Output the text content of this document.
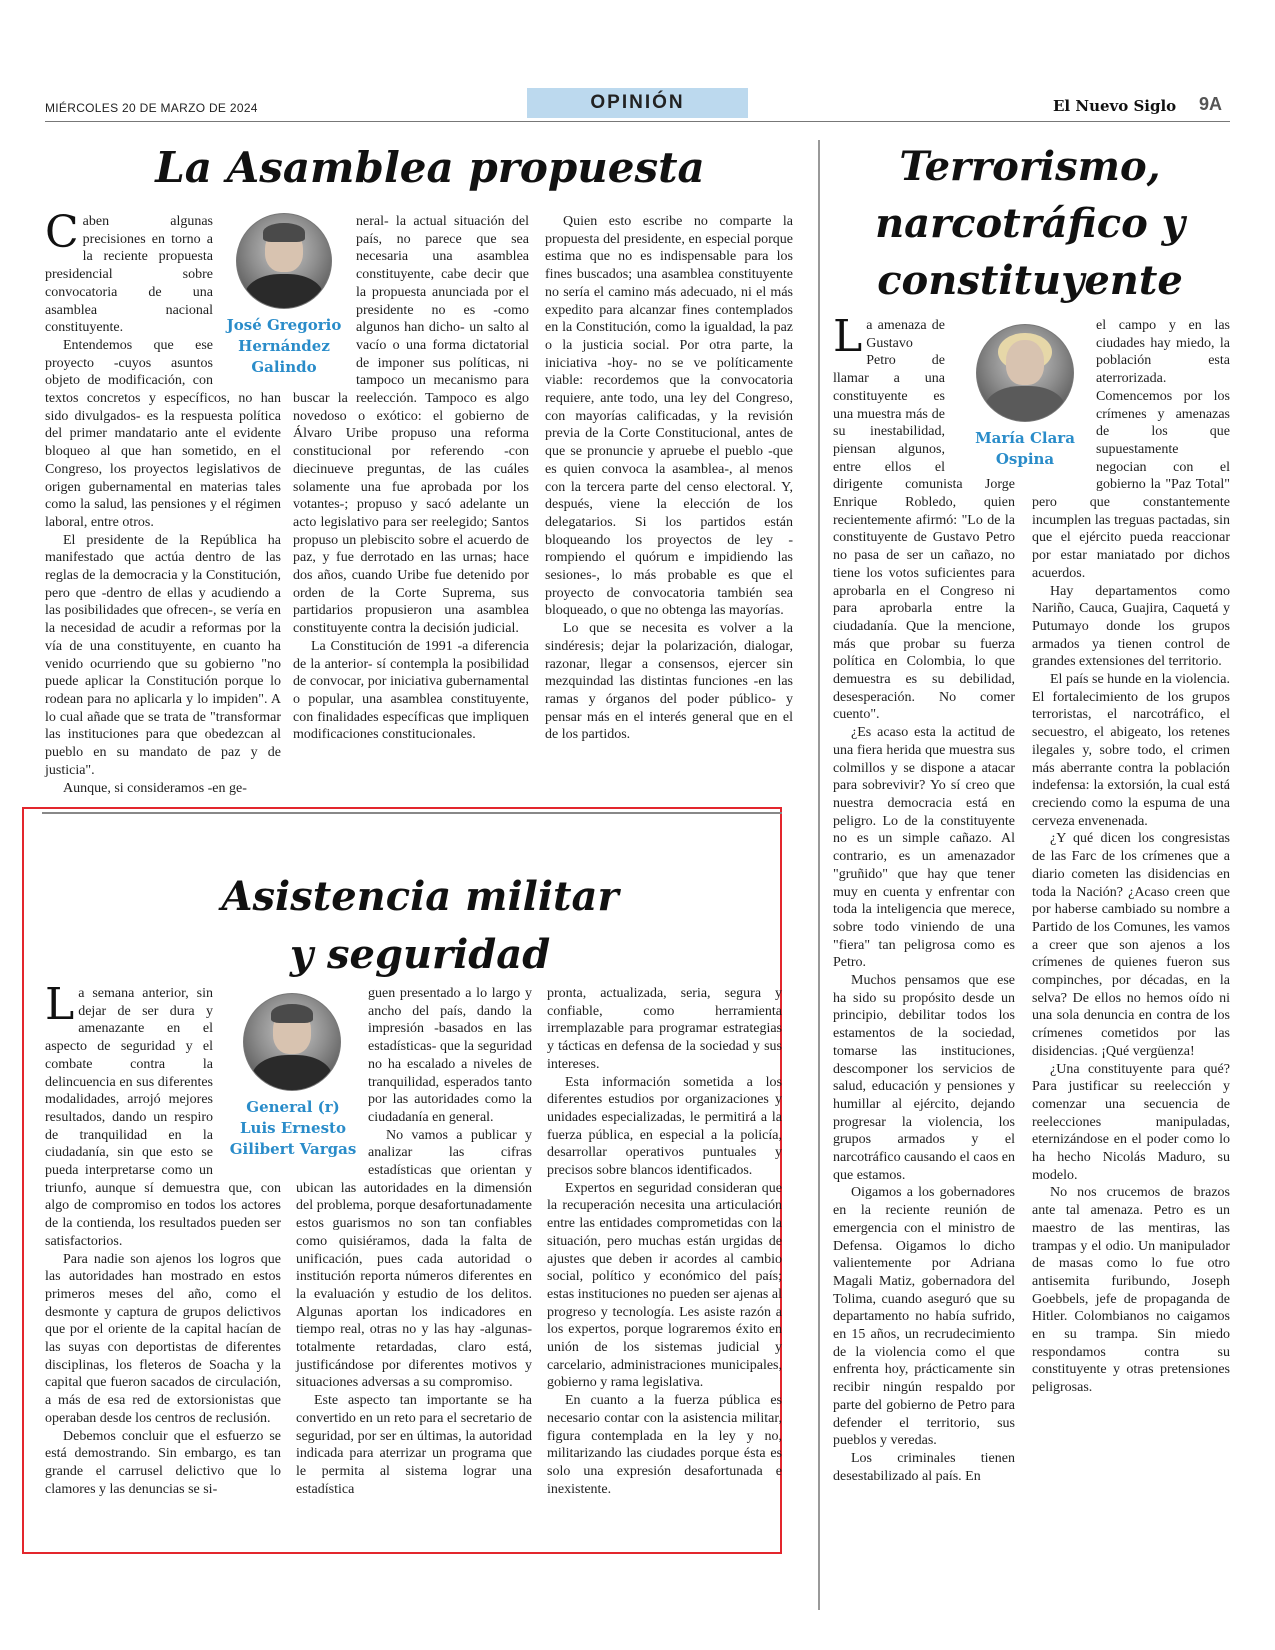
MIÉRCOLES 20 DE MARZO DE 2024	OPINIÓN	El Nuevo Siglo 9A
La Asamblea propuesta
José Gregorio
Hernández
Galindo

Caben algunas precisiones en torno a la reciente propuesta presidencial sobre convocatoria de una asamblea nacional constituyente.

Entendemos que ese proyecto -cuyos asuntos objeto de modificación, con textos concretos y específicos, no han sido divulgados- es la respuesta política del primer mandatario ante el evidente bloqueo al que han sometido, en el Congreso, los proyectos legislativos de origen gubernamental en materias tales como la salud, las pensiones y el régimen laboral, entre otros.

El presidente de la República ha manifestado que actúa dentro de las reglas de la democracia y la Constitución, pero que -dentro de ellas y acudiendo a las posibilidades que ofrecen-, se vería en la necesidad de acudir a reformas por la vía de una constituyente, en cuanto ha venido ocurriendo que su gobierno "no puede aplicar la Constitución porque lo rodean para no aplicarla y lo impiden". A lo cual añade que se trata de "transformar las instituciones para que obedezcan al pueblo en su mandato de paz y de justicia".

Aunque, si consideramos -en ge-

neral- la actual situación del país, no parece que sea necesaria una asamblea constituyente, cabe decir que la propuesta anunciada por el presidente no es -como algunos han dicho- un salto al vacío o una forma dictatorial de imponer sus políticas, ni tampoco un mecanismo para buscar la reelección. Tampoco es algo novedoso o exótico: el gobierno de Álvaro Uribe propuso una reforma constitucional por referendo -con diecinueve preguntas, de las cuáles solamente una fue aprobada por los votantes-; propuso y sacó adelante un acto legislativo para ser reelegido; Santos propuso un plebiscito sobre el acuerdo de paz, y fue derrotado en las urnas; hace dos años, cuando Uribe fue detenido por orden de la Corte Suprema, sus partidarios propusieron una asamblea constituyente contra la decisión judicial.

La Constitución de 1991 -a diferencia de la anterior- sí contempla la posibilidad de convocar, por iniciativa gubernamental o popular, una asamblea constituyente, con finalidades específicas que impliquen modificaciones constitucionales.

Quien esto escribe no comparte la propuesta del presidente, en especial porque estima que no es indispensable para los fines buscados; una asamblea constituyente no sería el camino más adecuado, ni el más expedito para alcanzar fines contemplados en la Constitución, como la igualdad, la paz o la justicia social. Por otra parte, la iniciativa -hoy- no se ve políticamente viable: recordemos que la convocatoria requiere, ante todo, una ley del Congreso, con mayorías calificadas, y la revisión previa de la Corte Constitucional, antes de que se pronuncie y apruebe el pueblo -que es quien convoca la asamblea-, al menos con la tercera parte del censo electoral. Y, después, viene la elección de los delegatarios. Si los partidos están bloqueando los proyectos de ley -rompiendo el quórum e impidiendo las sesiones-, lo más probable es que el proyecto de convocatoria también sea bloqueado, o que no obtenga las mayorías.

Lo que se necesita es volver a la sindéresis; dejar la polarización, dialogar, razonar, llegar a consensos, ejercer sin mezquindad las distintas funciones -en las ramas y órganos del poder público- y pensar más en el interés general que en el de los partidos.

Terrorismo,
narcotráfico y
constituyente
María Clara
Ospina

La amenaza de Gustavo Petro de llamar a una constituyente es una muestra más de su inestabilidad, piensan algunos, entre ellos el dirigente comunista Jorge Enrique Robledo, quien recientemente afirmó: "Lo de la constituyente de Gustavo Petro no pasa de ser un cañazo, no tiene los votos suficientes para aprobarla en el Congreso ni para aprobarla entre la ciudadanía. Que la mencione, más que probar su fuerza política en Colombia, lo que demuestra es su debilidad, desesperación. No comer cuento".

¿Es acaso esta la actitud de una fiera herida que muestra sus colmillos y se dispone a atacar para sobrevivir? Yo sí creo que nuestra democracia está en peligro. Lo de la constituyente no es un simple cañazo. Al contrario, es un amenazador "gruñido" que hay que tener muy en cuenta y enfrentar con toda la inteligencia que merece, sobre todo viniendo de una "fiera" tan peligrosa como es Petro.

Muchos pensamos que ese ha sido su propósito desde un principio, debilitar todos los estamentos de la sociedad, tomarse las instituciones, descomponer los servicios de salud, educación y pensiones y humillar al ejército, dejando progresar la violencia, los grupos armados y el narcotráfico causando el caos en que estamos.

Oigamos a los gobernadores en la reciente reunión de emergencia con el ministro de Defensa. Oigamos lo dicho valientemente por Adriana Magali Matiz, gobernadora del Tolima, cuando aseguró que su departamento no había sufrido, en 15 años, un recrudecimiento de la violencia como el que enfrenta hoy, prácticamente sin recibir ningún respaldo por parte del gobierno de Petro para defender el territorio, sus pueblos y veredas.

Los criminales tienen desestabilizado al país. En

el campo y en las ciudades hay miedo, la población esta aterrorizada. Comencemos por los crímenes y amenazas de los que supuestamente negocian con el gobierno la "Paz Total" pero que constantemente incumplen las treguas pactadas, sin que el ejército pueda reaccionar por estar maniatado por dichos acuerdos.

Hay departamentos como Nariño, Cauca, Guajira, Caquetá y Putumayo donde los grupos armados ya tienen control de grandes extensiones del territorio.

El país se hunde en la violencia. El fortalecimiento de los grupos terroristas, el narcotráfico, el secuestro, el abigeato, los retenes ilegales y, sobre todo, el crimen más aberrante contra la población indefensa: la extorsión, la cual está creciendo como la espuma de una cerveza envenenada.

¿Y qué dicen los congresistas de las Farc de los crímenes que a diario cometen las disidencias en toda la Nación? ¿Acaso creen que por haberse cambiado su nombre a Partido de los Comunes, les vamos a creer que son ajenos a los crímenes de quienes fueron sus compinches, por décadas, en la selva? De ellos no hemos oído ni una sola denuncia en contra de los crímenes cometidos por las disidencias. ¡Qué vergüenza!

¿Una constituyente para qué? Para justificar su reelección y comenzar una secuencia de reelecciones manipuladas, eternizándose en el poder como lo ha hecho Nicolás Maduro, su modelo.

No nos crucemos de brazos ante tal amenaza. Petro es un maestro de las mentiras, las trampas y el odio. Un manipulador de masas como lo fue otro antisemita furibundo, Joseph Goebbels, jefe de propaganda de Hitler. Colombianos no caigamos en su trampa. Sin miedo respondamos contra su constituyente y otras pretensiones peligrosas.

Asistencia militar
y seguridad
General (r)
Luis Ernesto
Gilibert Vargas

La semana anterior, sin dejar de ser dura y amenazante en el aspecto de seguridad y el combate contra la delincuencia en sus diferentes modalidades, arrojó mejores resultados, dando un respiro de tranquilidad en la ciudadanía, sin que esto se pueda interpretarse como un triunfo, aunque sí demuestra que, con algo de compromiso en todos los actores de la contienda, los resultados pueden ser satisfactorios.

Para nadie son ajenos los logros que las autoridades han mostrado en estos primeros meses del año, como el desmonte y captura de grupos delictivos que por el oriente de la capital hacían de las suyas con deportistas de diferentes disciplinas, los fleteros de Soacha y la capital que fueron sacados de circulación, a más de esa red de extorsionistas que operaban desde los centros de reclusión.

Debemos concluir que el esfuerzo se está demostrando. Sin embargo, es tan grande el carrusel delictivo que lo clamores y las denuncias se si-

guen presentado a lo largo y ancho del país, dando la impresión -basados en las estadísticas- que la seguridad no ha escalado a niveles de tranquilidad, esperados tanto por las autoridades como la ciudadanía en general.

No vamos a publicar y analizar las cifras estadísticas que orientan y ubican las autoridades en la dimensión del problema, porque desafortunadamente estos guarismos no son tan confiables como quisiéramos, dada la falta de unificación, pues cada autoridad o institución reporta números diferentes en la evaluación y estudio de los delitos. Algunas aportan los indicadores en tiempo real, otras no y las hay -algunas- totalmente retardadas, claro está, justificándose por diferentes motivos y situaciones adversas a su compromiso.

Este aspecto tan importante se ha convertido en un reto para el secretario de seguridad, por ser en últimas, la autoridad indicada para aterrizar un programa que le permita al sistema lograr una estadística

pronta, actualizada, seria, segura y confiable, como herramienta irremplazable para programar estrategias y tácticas en defensa de la sociedad y sus intereses.

Esta información sometida a los diferentes estudios por organizaciones y unidades especializadas, le permitirá a la fuerza pública, en especial a la policía, desarrollar operativos puntuales y precisos sobre blancos identificados.

Expertos en seguridad consideran que la recuperación necesita una articulación entre las entidades comprometidas con la situación, pero muchas están urgidas de ajustes que deben ir acordes al cambio social, político y económico del país; estas instituciones no pueden ser ajenas al progreso y tecnología. Les asiste razón a los expertos, porque lograremos éxito en unión de los sistemas judicial y carcelario, administraciones municipales, gobierno y rama legislativa.

En cuanto a la fuerza pública es necesario contar con la asistencia militar, figura contemplada en la ley y no, militarizando las ciudades porque ésta es solo una expresión desafortunada e inexistente.
